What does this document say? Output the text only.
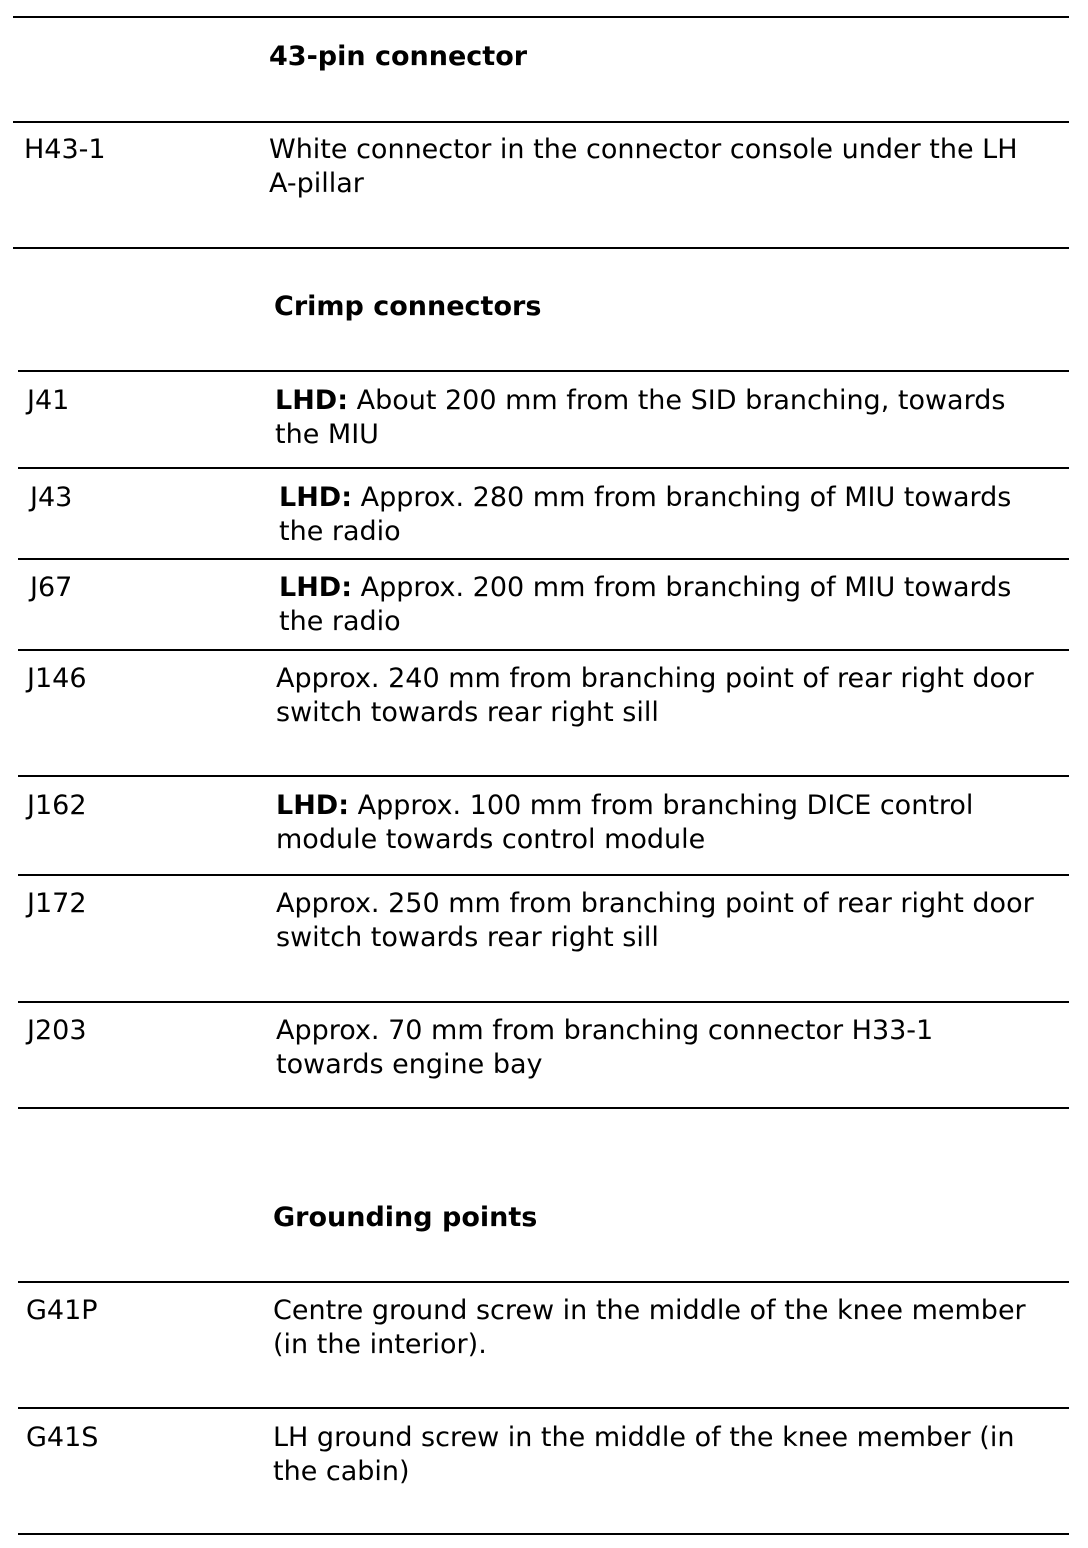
43-pin connector
H43-1	White connector in the connector console under the LH
A-pillar
Crimp connectors
J41	LHD: About 200 mm from the SID branching, towards
the MIU
J43	LHD: Approx. 280 mm from branching of MIU towards
the radio
J67	LHD: Approx. 200 mm from branching of MIU towards
the radio
J146	Approx. 240 mm from branching point of rear right door
switch towards rear right sill
J162	LHD: Approx. 100 mm from branching DICE control
module towards control module
J172	Approx. 250 mm from branching point of rear right door
switch towards rear right sill
J203	Approx. 70 mm from branching connector H33-1
towards engine bay
Grounding points
G41P	Centre ground screw in the middle of the knee member
(in the interior).
G41S	LH ground screw in the middle of the knee member (in
the cabin)
